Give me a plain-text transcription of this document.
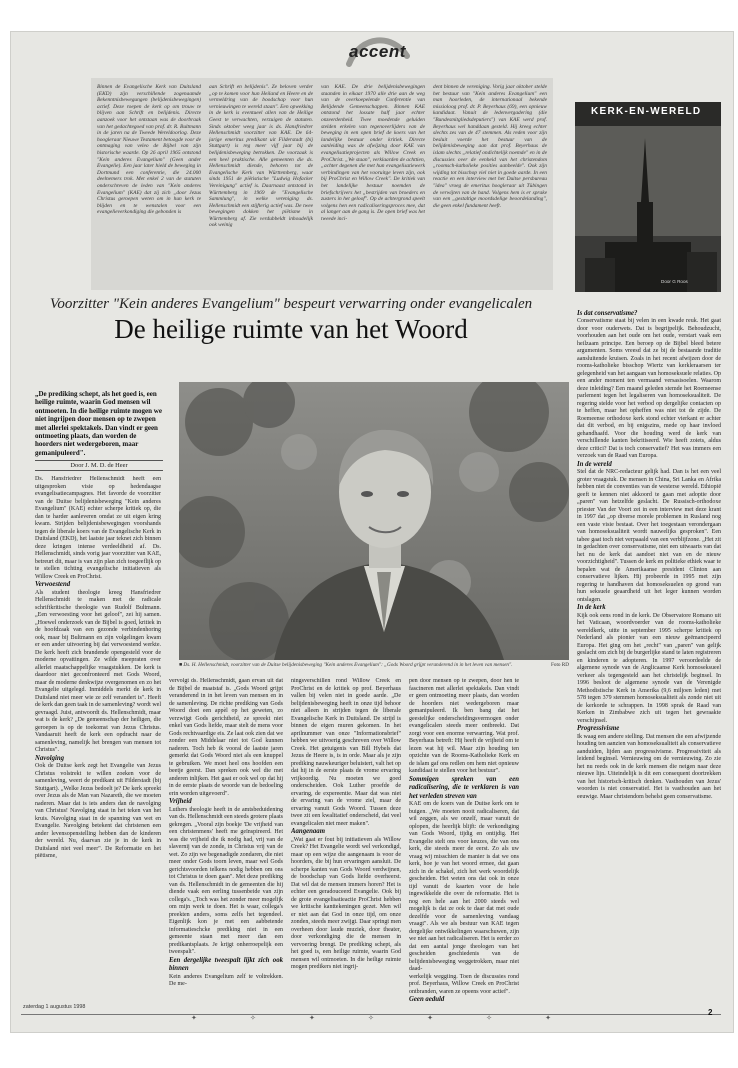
accent
Binnen de Evangelische Kerk van Duitsland (EKD) zijn verschillende zogenaamde Bekenntnisbewegungen (belijdenisbewegingen) actief. Deze roepen de kerk op om trouw te blijven aan Schrift en belijdenis. Directe aanzoek voor het ontstaan was de doorbraak van het gedachtegoed van prof. dr. R. Bultmann in de jaren na de Tweede Wereldoorlog. Deze hoogleraar Nieuwe Testament betoogde voor de ontmaging van veleo de Bijbel van zijn historische waarde. Op 26 april 1965 ontstond "Kein anderes Evangelium" (Geen ander Evangelie). Een jaar later hield de beweging in Dortmund een conferentie, die 24.000 deelnemers trok. Met enkel 2 van de statuten onderschreven de leden van "Kein anderes Evangelium" (KAE) dat zij zich „door Jezus Christus geroepen weten om in hun kerk te blijden en te wenstalen voor een evangelieverkondiging die gebonden is
aan Schrift en belijdenis". Ze beloven verder „op te komen voor hun Heiland en Heere en de vermeldring van de boodschap voor hun vernieuwingen te wereld staan". Een opwekking in de kerk is eventueel allen van de Heilige Geest te verwachten, verzuigen de statuten. Sinds oktober weeg jaar is ds. Hansfriedrer Hellenschmidt voorzitter van KAE. De 64-jarige emeritus predikant uit Filderstadt (bij Stuttgart) is reg meer vijf jaar bij de belijdenisbeweging betrokken. De voorzaak is een heel praktische. Alle gemeenten die ds. Hellenschmidt diende, behoren tot de Evangelische Kerk van Württemberg, waar sinds 1951 de piëtistische "Ludwig Hofacker Vereinigung" actief is. Daarnaast ontstond in Württemberg in 1969 de "Evangelische Sammlung", in welke vereniging ds. Hellenschmidt een stijfterig actief was. De twee bewegingen dokken het piëtisme in Württemberg af. Zie verdubbeldt inhoudelijk ook weinig
van KAE. De drie belijdenisbewegingen staanden in eikaar 1970 alle drie aan de weg van de overkoepelende Conferentie van Belijdende Gemeenschappen. Binnen KAE ontstond het lossate half jaar echter onzeerdenheid. Twee moedende geluiden stelden erkelen van tegenoverlijders van de beweging in een open brief de koers van het landelijke bestuur onder kritiek. Directe aanleiding was de afwijzing door KAE van evangelisatieprojecten als Willow Creek en ProChrist. „We staan", verklaarden de achttien, „achter degenen die met hun evangelisatiewerk verbindingen van het vooruitge leven zijn, ook bij ProChrist en Willow Creek". De kritiek van het landelijke bestuur noemden de briefschrijvers het „bestrijden van broeders en zusters in het geloof". Op de achtergrond speelt volgens hen een radicaliseringsproces mee, dat al langer aan de gang is. De open brief was het tweede inci-
dent binnen de vereniging. Vorig jaar oktober stelde het bestuur van "Kein anderes Evangelium" een man hoorleden, de internationaal bekende missioloog prof. dr. P. Beyerhaus (69), een opnieuw kandidaat. Vanuit de ledenvergadering (die "Bundesmitgliedsdeputiers") van KAE werd prof. Beyerhaus wel handdaan gesteld. Hij kreeg echter slechts zes van de 47 stemmen. Als reden voor zijn besluit voerde het bestuur van de belijdenisbeweging aan dat prof. Beyerhaus de islam slechts „relatief ondichtelijk noemde" en in de discussies over de eenheid van het christendom „roomsch-katholieke posities aanbeelde". Ook zijn wijding tot bisschop viel niet in goede aarde. In een reactie en een interview met het Duitse persbureau "idea" vroeg de emeritus hoogleraar uit Tübingen de verwijten van de hand. Volgens hem is er sprake van een „gestaltige moordsdelige beoordelanding", die geen enkel fundament heeft.
Voorzitter "Kein anderes Evangelium" bespeurt verwarring onder evangelicalen
De heilige ruimte van het Woord
„De prediking schept, als het goed is, een heilige ruimte, waarin God mensen wil ontmoeten. In die heilige ruimte mogen we niet ingrijpen door mensen op te zwepen met allerlei spektakels. Dan vindt er geen ontmoeting plaats, dan worden de hoorders niet wedergeboren, maar gemanipuleerd".
Door J. M. D. de Heer
■ Ds. H. Hellenschmidt, voorzitter van de Duitse belijdenisbeweging "Kein anderes Evangelium": „Gods Woord grijpt veranderend in in het leven van mensen".	Foto RD
Ds. Hansfriedrer Hellenschmidt heeft een uitgesproken visie op hedendaagse evangelisatiecampagnes. Het favorde de voorzitter van de Duitse belijdenisbeweging "Kein anderes Evangelium" (KAE) echter scherpe kritiek op, die dan te harder aanleveren omdat ze uit eigen kring kwam. Strijden belijdenisbewegingen voorshands tegen de liberale koers van de Evangelische Kerk in Duitsland (EKD), het laatste jaar teknet zich binnen deze kringen intense verdeeldheid af. Ds. Hellenschmidt, sinds vorig jaar voorzitter van KAE, betreurt dit, maar is van zijn plan zich toegeeflijk op te stellen tichting evangelische initiatieven als Willow Creek en ProChrist.
Verwoestend
Als student theologie kreeg Hansfriedrer Hellenschmidt te maken met de radicale schriftkritische theologie van Rudolf Bultmann. „Een verwoesting voor het geloof", zei hij samen. „Hoewel onderzoek van de Bijbel is goed, kritiek in de hoofdzaak van een gezonde verbindenhoring ook, maar bij Bultmann en zijn volgelingen kwam er een ander uitvoering bij dat verwoestend werkte. De kerk heeft zich brandende opengesteld voor de moderne opvattingen. Ze wilde meepraten over allerlei maatschappelijke vraagstukken. De kerk is daardoor niet geconfronteerd met Gods Woord, maar de moderne denkwijze overgenomen en zo het Evangelie uitgelegd. Inmiddels merkt de kerk in Duitsland niet meer wie ze zelf verandert is". Heeft de kerk dan geen taak in de samenleving? wordt wel gevraagd. Juist, antwoordt ds. Hellenschmidt, maar wat is de kerk? „De gemeenschap der heiligen, die geroepen is op de toekomst van Jezus Christus. Vandaaruit heeft de kerk een opdracht naar de samenleving, namelijk het brengen van mensen tot Christus".
Navolging
Ook de Duitse kerk zegt het Evangelie van Jezus Christus volstrekt te willen zoeken voor de samenleving, weert de predikant uit Filderstadt (bij Stuttgart). „Welke Jezus bedoelt je? De kerk spreekt over Jezus als de Man van Nazareth, die we moeten naderen. Maar dat is iets anders dan de navolging van Christus! Navolging staat in het teken van het kruis. Navolging staat in de spanning van wet en Evangelie. Navolging betekent dat christenen een ander levensopenstelling hebben dan de kinderen der wereld. Nu, daarvan zie je in de kerk in Duitsland niet veel meer". De Reformatie en het piëtisme,
vervolgt ds. Hellenschmidt, gaan ervan uit dat de Bijbel de maatstaf is. „Gods Woord grijpt veranderend in in het leven van mensen en in de samenleving. De richte prediking van Gods Woord doet een appèl op het geweten, zo verzwijgt Gods gerichtheid, ze spreekt niet enkel van Gods liefde, maar stelt de mens voor Gods rechtvaardige eis. Ze laat ook zien dat we zonder een Middelaar niet tot God kunnen naderen. Toch heb ik vooral de laatste jaren gemerkt dat Gods Woord niet als een knuppel te gebruiken. We moet heel ons hoofden een beetje geerst. Dan spreken ook wel die met anderen inlijken. Het gaat er ook wel op dat hij in de eerste plaats de woorde van de bedoeling erin worden uitgevoerd".
Vrijheid
Luthers theologie heeft in de amtsbeduidening van ds. Hellenschmidt een steeds grotere plaats gekregen. „Vooral zijn boekje 'De vrijheid van een christenmens' heeft me geïnspireerd. Het was die vrijheid die ik nodig had, vrij van de slavernij van de zonde, in Christus vrij van de wet. Zo zijn we begenadigde zondaren, die niet meer onder Gods toorn leven, maar wel Gods gerichtsvoorden telkens nodig hebben om ons tot Christus te doen gaan". Met deze prediking van ds. Hellenschmidt in de gemeenten die hij diende vaak een eerling tussenbeide van zijn collega's. „Toch was het zonder meer mogelijk om mijn werk te doen. Het is waar, collega's preekten anders, soms zelfs het tegendeel. Eigenlijk kon je met een aabbetende informatieschcke prediking niet in een gemeente staan met meer dan een predikantsplaats. Je krijgt onherroepelijk een tweespalt".
Een dergelijke tweespalt lijkt zich ook binnen
Kein anderes Evangelium zelf te voltrekken. De me-
ningsverschillen rond Willow Creek en ProChrist en de kritiek op prof. Beyerhaus vallen bij velen niet in goede aarde. „De belijdenisbeweging heeft in onze tijd behoor niet alleen in strijden tegen de liberale Evangelische Kerk in Duitsland. De strijd is binnen de eigen muren gekomen. In het aprilnummer van onze "Informationsbrief" hebben we uitvoerig geschreven over Willow Creek. Het getuigenis van Bill Hybels dat Jezus de Heere is, is in orde. Maar als je zijn prediking nauwkeuriger beluistert, valt het op dat hij in de eerste plaats de vrome ervaring vrijkoordig. Nu moeten we goed onderscheiden. Ook Luther proefde de ervaring, de expereentie. Maar dat was niet de ervaring van de vrome ziel, maar de ervaring vanuit Gods Woord. Tussen deze twee zit een kwalitatief onderscheid, dat veel evangelicalen niet meer maken".
Aangenaam
„Wat gaat er fout bij initiatieven als Willow Creek? Het Evangelie wordt wel verkondigd, maar op een wijze die aangenaam is voor de hoorders, die bij hun ervaringen aansluit. De scherpe kanten van Gods Woord verdwijnen, de boodschap van Gods liefde overheerst. Dat wil dat de mensen immers horen? Het is echter een geradouceerd Evangelie. Ook bij de grote evangelisatieactie ProChrist hebben we kritische kanttekeningen gezet. Men wil er niet aan dat God in onze tijd, om onze zonden, steeds meer zwijgt. Daar springt men overheen door laude muziek, door theater, door verkondiging die de mensen in vervoering brengt. De prediking schept, als het goed is, een heilige ruimte, waarin God mensen wil ontmoeten. In die heilige ruimte mogen predikers niet ingrij-
pen door mensen op te zwepen, door hen te fascineren met allerlei spektakels. Dan vindt er geen ontmoeting meer plaats, dan worden de hoorders niet wedergeboren maar gemanipuleerd. Ik ben bang dat het geestelijke onderscheidingsvermogen onder evangelicalen steeds meer ontbreekt. Dat zorgt voor een enorme verwarring. Wat prof. Beyerhaus betreft: Hij heeft de vrijheid om te lezen wat hij wil. Maar zijn houding ten opzichte van de Rooms-Katholieke Kerk en de islam gaf ons redlen om hem niet opnieuw kandidaat te stellen voor het bestuur".
Sommigen spreken van een radicalisering, die te verklaren is van het verleden streven van
KAE om de koers van de Duitse kerk om te buigen. „We moeten nooit radicaliseren, dat wil zeggen, als we onzelf, maar vanuit de oplopen, die heerlijk blijft: de verkondiging van Gods Woord, tijdig en ontijdig. Het Evangelie stelt ons voor keuzes, die van ons kerk, die steeds meer de eerst. Zo als uw vraag wij misschien de manier is dat we ons kerk, hoe je van het woord ermee, dat gaan zich in de schakel, zich het werk woordelijk gescheiden. Het weten ons dat ook in onze tijd vanuit de kaarten voor de hele ingewikkelde die over de reformatie. Het is nog een hele aan het 2000 steeds wel mogelijk is dat ze ook te daar dat met oude dezelfde voor de samenleving vandaag vraagt". Als we als bestuur van KAE tegen dergelijke ontwikkelingen waarschuwen, zijn we niet aan het radicaliseren. Het is eerder zo dat een aantal jonge theologen van het gescheiden geschiedenis van de belijdenisbeweging weggetrokken, maar niet daad-
werkelijk weggiing. Toen de discussies rond prof. Beyerhaus, Willow Creek en ProChrist ontbranden, waren ze opeens voor actief".
Geen geduld

KERK-EN-WERELD
Door G Roos

Is dat conservatisme?
Conservatisme staat bij velen in een kwade reuk. Het gaat door voor ouderwets. Dat is begrijpelijk. Behoudzucht, voorhouden aan het oude om het oude, verstart vaak een heilzaam principe. Een beroep op de Bijbel bleed betere argumenten. Soms vreesd dat ze bij de bestaande traditie aansluitende kruisen. Zoals in het recent afwijzen door de rooms-katholieke bisschop Wiertz van kerkleraarsen ter gelegenheid van het aangaan van homoseksuele relaties. Op een ander moment ten vermaand versasisoelen. Waarom deze inleiding? Een maand geleden stemde het Roemeense parlement tegen het legaliseren van homoseksualiteit. De regering stelde voor het verbod op dergelijke contacten op te heffen, maar het opheffen was niet tot de zijde. De Roemeense orthodoxe kerk stond echter vierkant er achter dat dit verbod, en bij enigszins, mede op haar invloed gehandhaafd. Voor die houding werd de kerk van verschillende kanten bekritiseerd. Wie heeft zoiets, aldus deze critici? Dat is toch conservatief? Het was immers een verzoek van de Raad van Europa.
In de wereld
Stel dat de NRC-redacteur gelijk had. Dan is het een veel groter vraagstuk. De mensen in China, Sri Lanka en Afrika hebben niet de conventies van de westerse wereld. Ethiopië geeft te kennen niet akkoord te gaan met adoptie door „paren" van hetzelfde geslacht. De Russisch-orthodoxe priester Van der Voort zei in een interview met deze krant in 1997 dat „op diverse morele problemen in Rusland nog een vaste visie bestaat. Over het toegestaan verondergaan van homoseksualiteit wordt nauwelijks gesproken". Een tabee gaat toch niet verpaaald van een verblijfzone. „Het zit in gedachten over conservatisme, niet een uitwaarts van dat het nu de kerk dat aandoet niet van en de nieuw voorzichtigheid". Tussen de kerk en politieke ethiek waar te bepalen wat de Amerikaanse president Clinton aan conservatieve lijken. Hij probeerde in 1995 met zijn regering te handhaven dat homoseksuelen op grond van hun seksuele geaardheid uit het leger kunnen worden ontslagen.
In de kerk
Kijk ook eens rond in de kerk. De Observatore Romano uit het Vaticaan, woordvoerder van de rooms-katholieke wereldkerk, uitte in september 1995 scherpe kritiek op Nederland als pionier van een nieuw geëmancipeerd Europa. Het ging om het „recht" van „paren" van gelijk geslacht om zich bij de burgerlijke stand te laten registreren en kinderen te adopteren. In 1997 veroordeelde de algemene synode van de Anglicaanse Kerk homoseksueel verkeer als tegengesteld aan het christelijk beginsel. In 1996 besloot de algemene synode van de Verenigde Methodistische Kerk in Amerika (9,6 miljoen leden) met 578 tegen 379 stemmen homoseksualiteit als zonde niet uit de kerkorde te schrappen. In 1998 sprak de Raad van Kerken in Zimbabwe zich uit tegen het gewraakte verschijnsel.
Progressivisme
Ik waag een andere stelling. Dat mensen die een afwijzende houding ten aanzien van homoseksualiteit als conservatieve aanduiden, lijden aan progressivisme. Progressiviteit als leidend beginsel. Vernieuwing om de vernieuwing. Zo zie het nu reeds ook in de kerk mensen die neigen naar deze nieuwe lijn. Uiteindelijk is dit een consequent doortrekken van het historisch-kritisch denken. Vasthouden van Jezus' woorden is niet conservatief. Het is vasthouden aan het eeuwige. Maar christendom behelst geen conservatisme.
zaterdag 1 augustus 1998
✦	✧	✦	✧	✦	✧	✦
2
